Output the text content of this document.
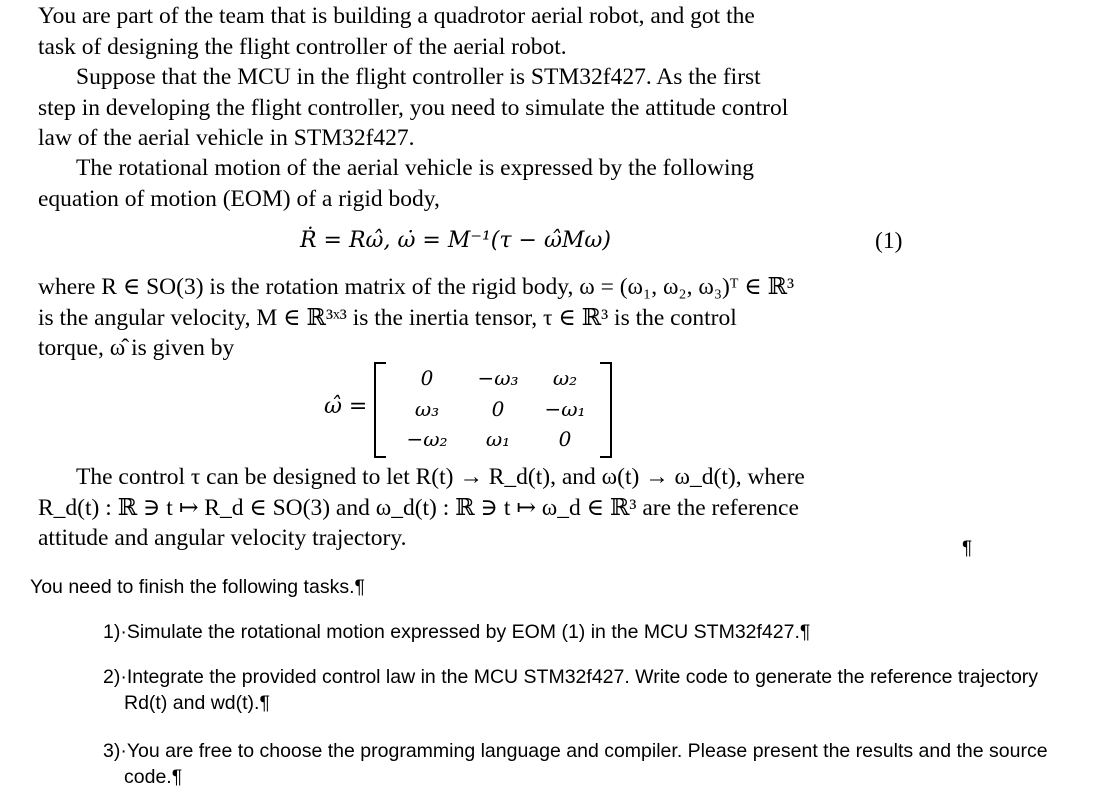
You are part of the team that is building a quadrotor aerial robot, and got the
task of designing the flight controller of the aerial robot.
Suppose that the MCU in the flight controller is STM32f427. As the first
step in developing the flight controller, you need to simulate the attitude control
law of the aerial vehicle in STM32f427.
The rotational motion of the aerial vehicle is expressed by the following
equation of motion (EOM) of a rigid body,
Ṙ = Rω̂, ω̇ = M⁻¹(τ − ω̂Mω)	(1)
where R ∈ SO(3) is the rotation matrix of the rigid body, ω = (ω₁, ω₂, ω₃)ᵀ ∈ ℝ³
is the angular velocity, M ∈ ℝ³ˣ³ is the inertia tensor, τ ∈ ℝ³ is the control
torque, ω̂ is given by
ω̂ =
0	−ω₃	ω₂
ω₃	0	−ω₁
−ω₂	ω₁	0
The control τ can be designed to let R(t) → R_d(t), and ω(t) → ω_d(t), where
R_d(t) : ℝ ∋ t ↦ R_d ∈ SO(3) and ω_d(t) : ℝ ∋ t ↦ ω_d ∈ ℝ³ are the reference
attitude and angular velocity trajectory.	¶
You need to finish the following tasks.¶
1)·Simulate the rotational motion expressed by EOM (1) in the MCU STM32f427.¶
2)·Integrate the provided control law in the MCU STM32f427. Write code to generate the reference trajectory
Rd(t) and wd(t).¶
3)·You are free to choose the programming language and compiler. Please present the results and the source
code.¶
